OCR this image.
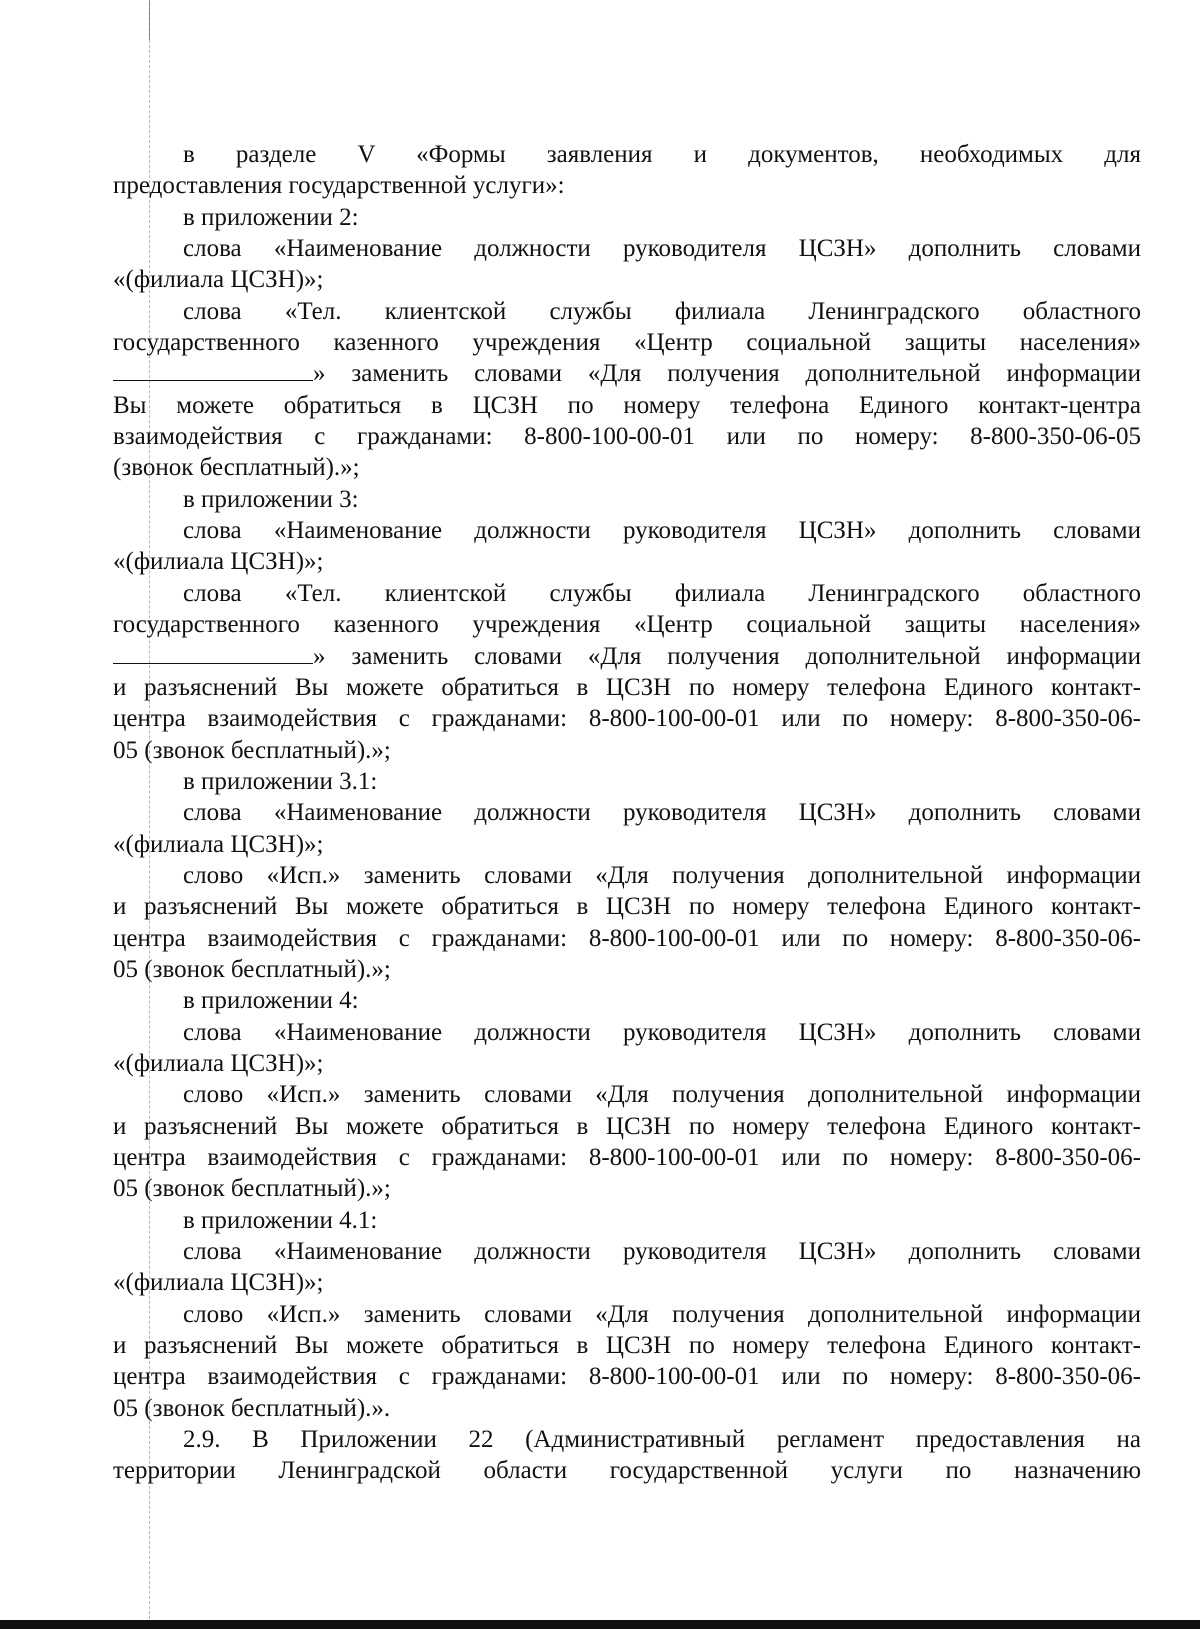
в разделе V «Формы заявления и документов, необходимых для
предоставления государственной услуги»:
в приложении 2:
слова «Наименование должности руководителя ЦСЗН» дополнить словами
«(филиала ЦСЗН)»;
слова «Тел. клиентской службы филиала Ленинградского областного
государственного казенного учреждения «Центр социальной защиты населения»
» заменить словами «Для получения дополнительной информации
Вы можете обратиться в ЦСЗН по номеру телефона Единого контакт-центра
взаимодействия с гражданами: 8-800-100-00-01 или по номеру: 8-800-350-06-05
(звонок бесплатный).»;
в приложении 3:
слова «Наименование должности руководителя ЦСЗН» дополнить словами
«(филиала ЦСЗН)»;
слова «Тел. клиентской службы филиала Ленинградского областного
государственного казенного учреждения «Центр социальной защиты населения»
» заменить словами «Для получения дополнительной информации
и разъяснений Вы можете обратиться в ЦСЗН по номеру телефона Единого контакт-
центра взаимодействия с гражданами: 8-800-100-00-01 или по номеру: 8-800-350-06-
05 (звонок бесплатный).»;
в приложении 3.1:
слова «Наименование должности руководителя ЦСЗН» дополнить словами
«(филиала ЦСЗН)»;
слово «Исп.» заменить словами «Для получения дополнительной информации
и разъяснений Вы можете обратиться в ЦСЗН по номеру телефона Единого контакт-
центра взаимодействия с гражданами: 8-800-100-00-01 или по номеру: 8-800-350-06-
05 (звонок бесплатный).»;
в приложении 4:
слова «Наименование должности руководителя ЦСЗН» дополнить словами
«(филиала ЦСЗН)»;
слово «Исп.» заменить словами «Для получения дополнительной информации
и разъяснений Вы можете обратиться в ЦСЗН по номеру телефона Единого контакт-
центра взаимодействия с гражданами: 8-800-100-00-01 или по номеру: 8-800-350-06-
05 (звонок бесплатный).»;
в приложении 4.1:
слова «Наименование должности руководителя ЦСЗН» дополнить словами
«(филиала ЦСЗН)»;
слово «Исп.» заменить словами «Для получения дополнительной информации
и разъяснений Вы можете обратиться в ЦСЗН по номеру телефона Единого контакт-
центра взаимодействия с гражданами: 8-800-100-00-01 или по номеру: 8-800-350-06-
05 (звонок бесплатный).».
2.9. В Приложении 22 (Административный регламент предоставления на
территории Ленинградской области государственной услуги по назначению
